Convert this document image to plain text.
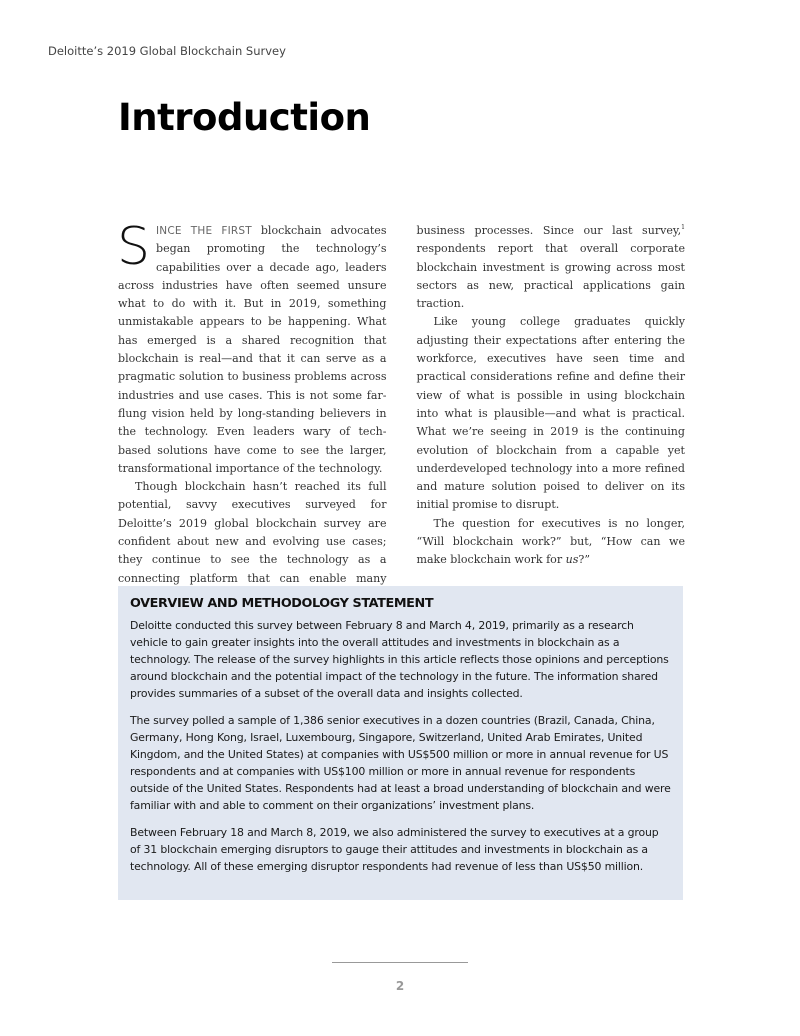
Deloitte’s 2019 Global Blockchain Survey
Introduction

SINCE THE FIRST blockchain advocates began promoting the technology’s capabilities over a decade ago, leaders across industries have often seemed unsure what to do with it. But in 2019, something unmistakable appears to be happening. What has emerged is a shared recognition that blockchain is real—and that it can serve as a pragmatic solution to business problems across industries and use cases. This is not some far-flung vision held by long-standing believers in the technology. Even leaders wary of tech-based solutions have come to see the larger, transformational importance of the technology.

Though blockchain hasn’t reached its full potential, savvy executives surveyed for Deloitte’s 2019 global blockchain survey are confident about new and evolving use cases; they continue to see the technology as a connecting platform that can enable many business processes. Since our last survey,$^1$ respondents report that overall corporate blockchain investment is growing across most sectors as new, practical applications gain traction.

Like young college graduates quickly adjusting their expectations after entering the workforce, executives have seen time and practical considerations refine and define their view of what is possible in using blockchain into what is plausible—and what is practical. What we’re seeing in 2019 is the continuing evolution of blockchain from a capable yet underdeveloped technology into a more refined and mature solution poised to deliver on its initial promise to disrupt.

The question for executives is no longer, “Will blockchain work?” but, “How can we make blockchain work for us?”

OVERVIEW AND METHODOLOGY STATEMENT

Deloitte conducted this survey between February 8 and March 4, 2019, primarily as a research vehicle to gain greater insights into the overall attitudes and investments in blockchain as a technology. The release of the survey highlights in this article reflects those opinions and perceptions around blockchain and the potential impact of the technology in the future. The information shared provides summaries of a subset of the overall data and insights collected.

The survey polled a sample of 1,386 senior executives in a dozen countries (Brazil, Canada, China, Germany, Hong Kong, Israel, Luxembourg, Singapore, Switzerland, United Arab Emirates, United Kingdom, and the United States) at companies with US$500 million or more in annual revenue for US respondents and at companies with US$100 million or more in annual revenue for respondents outside of the United States. Respondents had at least a broad understanding of blockchain and were familiar with and able to comment on their organizations’ investment plans.

Between February 18 and March 8, 2019, we also administered the survey to executives at a group of 31 blockchain emerging disruptors to gauge their attitudes and investments in blockchain as a technology. All of these emerging disruptor respondents had revenue of less than US$50 million.

2
